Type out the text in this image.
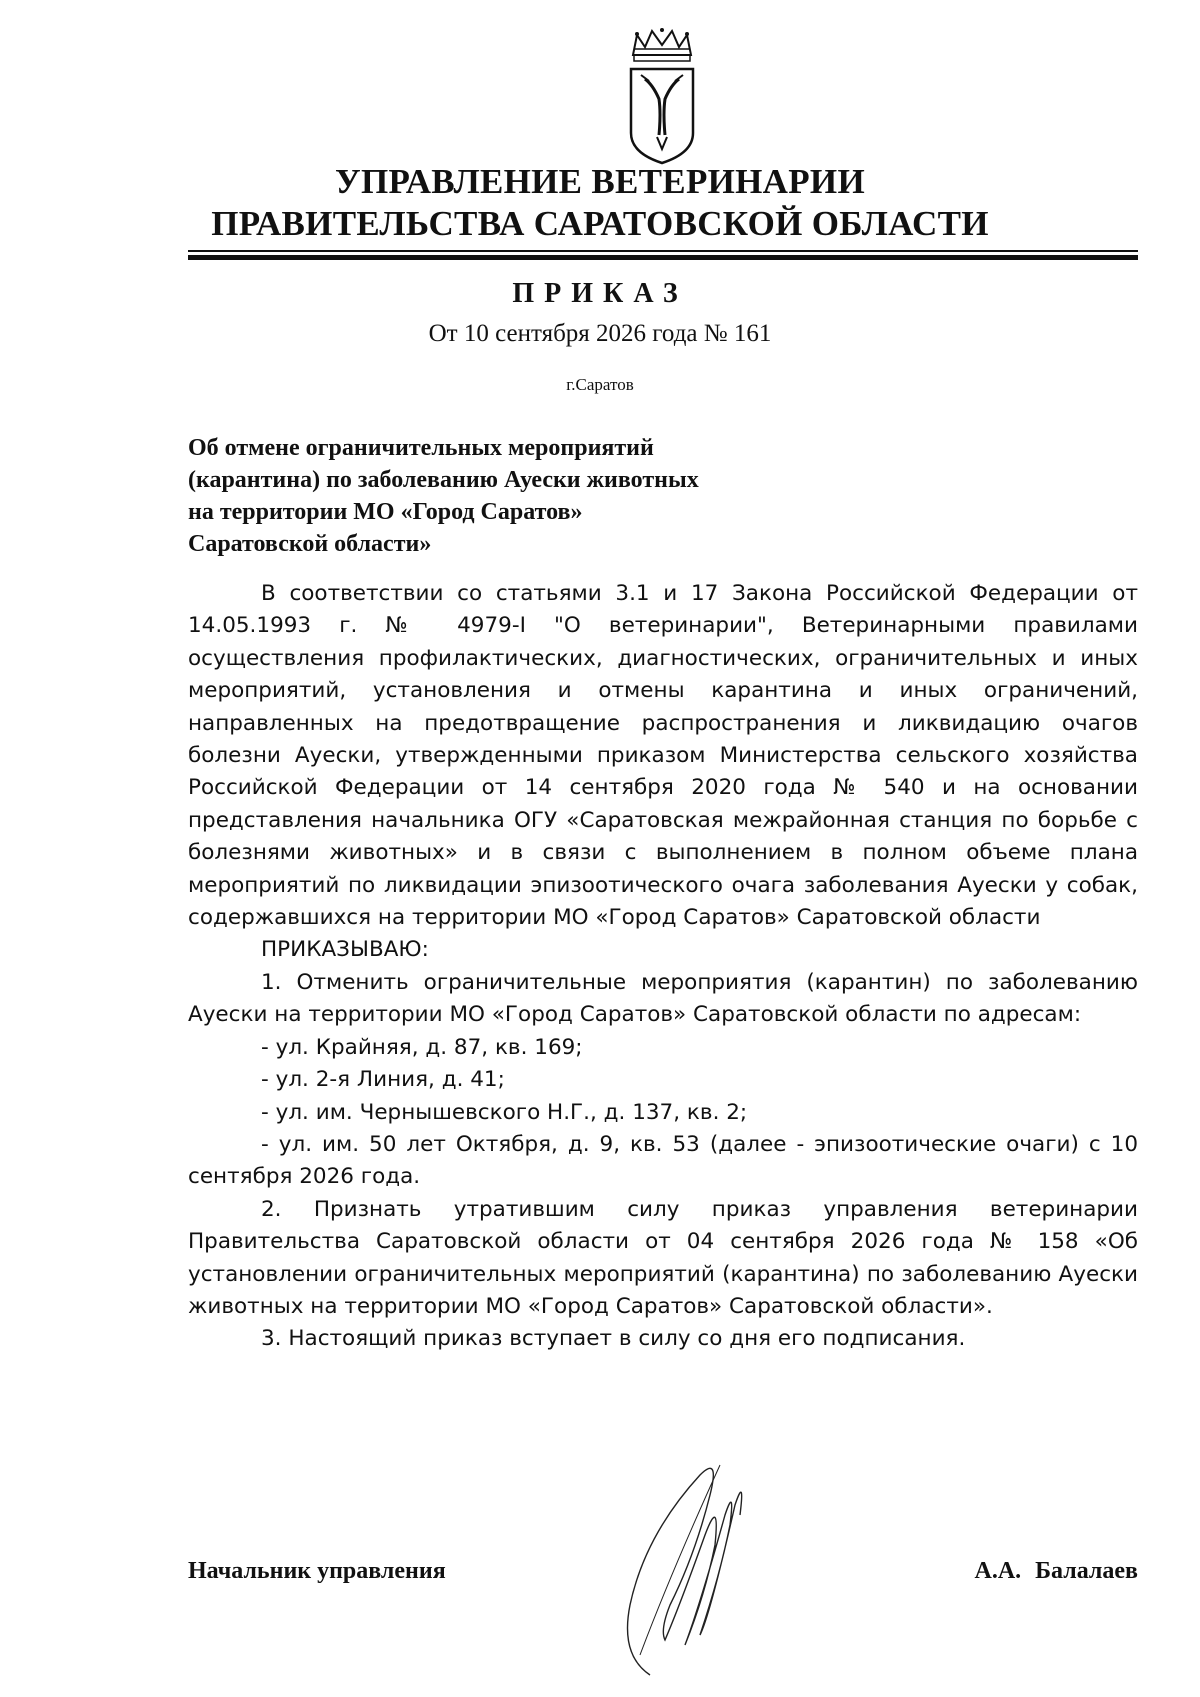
УПРАВЛЕНИЕ ВЕТЕРИНАРИИ
ПРАВИТЕЛЬСТВА САРАТОВСКОЙ ОБЛАСТИ
ПРИКАЗ
От 10 сентября 2026 года № 161
г.Саратов
Об отмене ограничительных мероприятий
(карантина) по заболеванию Ауески животных
на территории МО «Город Саратов»
Саратовской области»

В соответствии со статьями 3.1 и 17 Закона Российской Федерации от 14.05.1993 г. № 4979-I "О ветеринарии", Ветеринарными правилами осуществления профилактических, диагностических, ограничительных и иных мероприятий, установления и отмены карантина и иных ограничений, направленных на предотвращение распространения и ликвидацию очагов болезни Ауески, утвержденными приказом Министерства сельского хозяйства Российской Федерации от 14 сентября 2020 года № 540 и на основании представления начальника ОГУ «Саратовская межрайонная станция по борьбе с болезнями животных» и в связи с выполнением в полном объеме плана мероприятий по ликвидации эпизоотического очага заболевания Ауески у собак, содержавшихся на территории МО «Город Саратов» Саратовской области

ПРИКАЗЫВАЮ:

1. Отменить ограничительные мероприятия (карантин) по заболеванию Ауески на территории МО «Город Саратов» Саратовской области по адресам:

- ул. Крайняя, д. 87, кв. 169;

- ул. 2-я Линия, д. 41;

- ул. им. Чернышевского Н.Г., д. 137, кв. 2;

- ул. им. 50 лет Октября, д. 9, кв. 53 (далее - эпизоотические очаги) с 10 сентября 2026 года.

2. Признать утратившим силу приказ управления ветеринарии Правительства Саратовской области от 04 сентября 2026 года № 158 «Об установлении ограничительных мероприятий (карантина) по заболеванию Ауески животных на территории МО «Город Саратов» Саратовской области».

3. Настоящий приказ вступает в силу со дня его подписания.

Начальник управления	А.А. Балалаев
